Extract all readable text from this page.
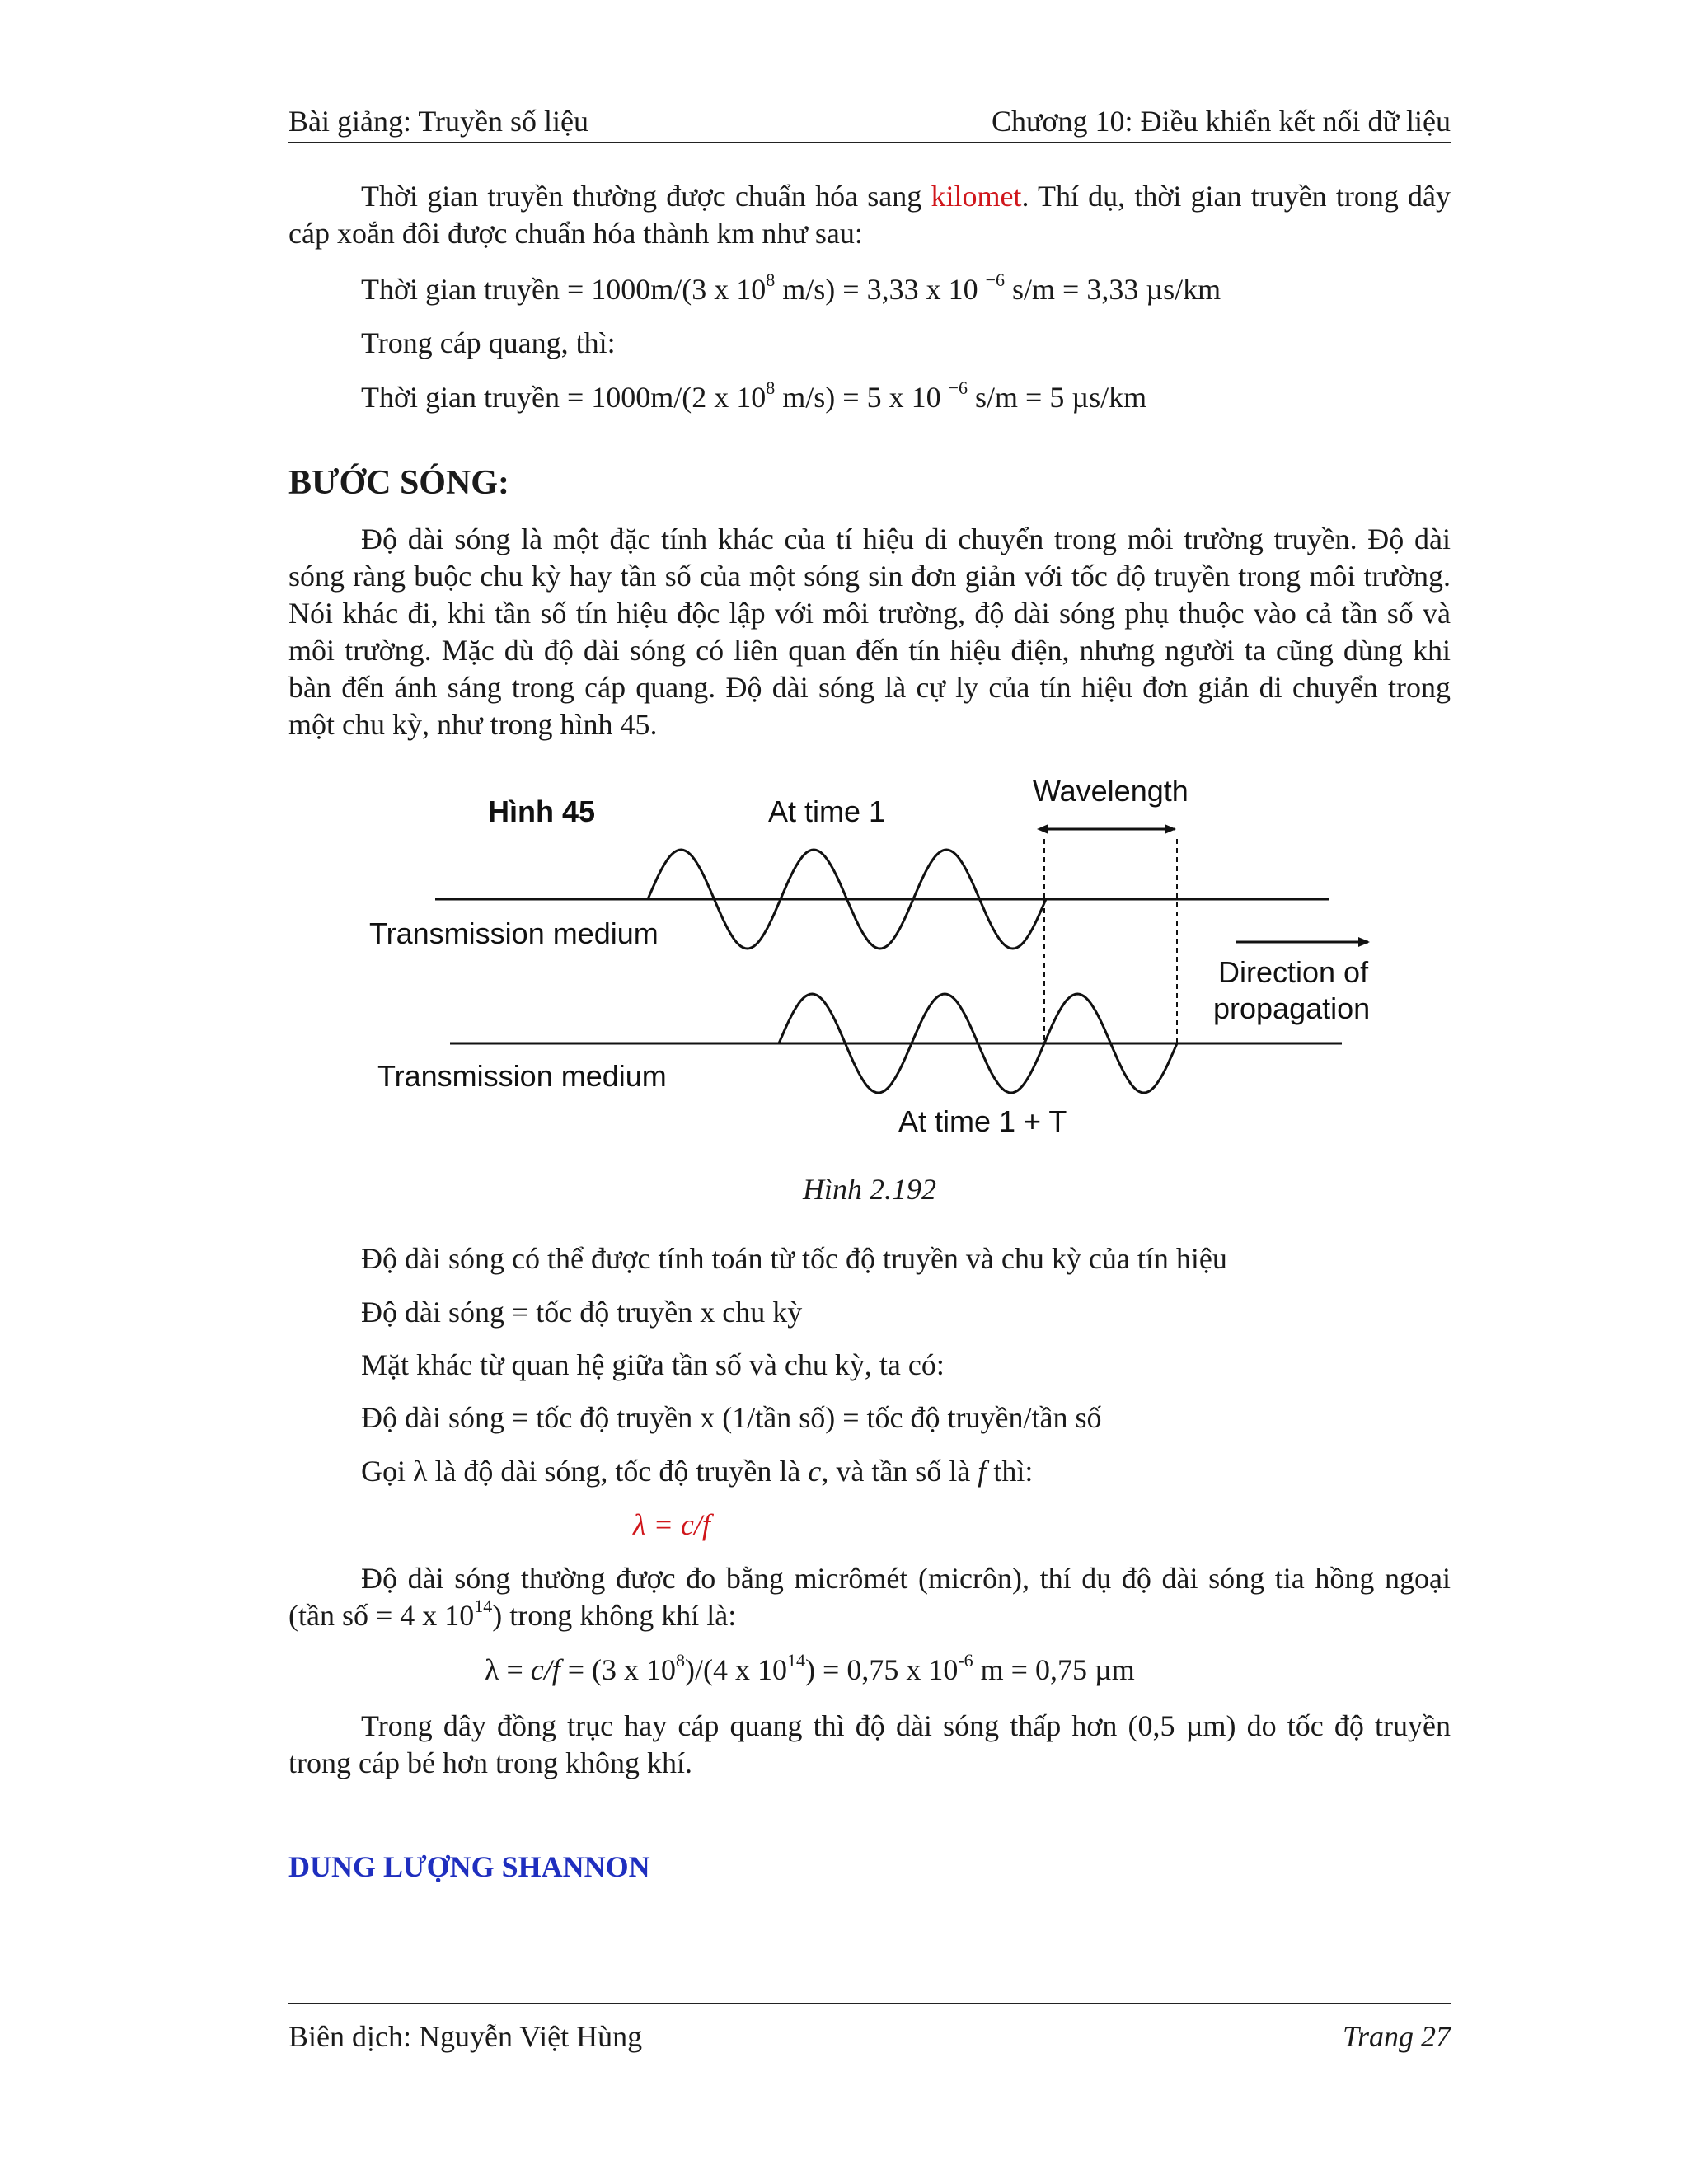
Bài giảng: Truyền số liệu	Chương 10: Điều khiển kết nối dữ liệu
Thời gian truyền thường được chuẩn hóa sang kilomet. Thí dụ, thời gian truyền trong dây cáp xoắn đôi được chuẩn hóa thành km như sau:
Thời gian truyền = 1000m/(3 x $10^8$ m/s) = 3,33 x 10 $^{-6}$ s/m = 3,33 µs/km
Trong cáp quang, thì:
Thời gian truyền = 1000m/(2 x $10^8$ m/s) = 5 x 10 $^{-6}$ s/m = 5 µs/km
BƯỚC SÓNG:
Độ dài sóng là một đặc tính khác của tí hiệu di chuyển trong môi trường truyền. Độ dài sóng ràng buộc chu kỳ hay tần số của một sóng sin đơn giản với tốc độ truyền trong môi trường. Nói khác đi, khi tần số tín hiệu độc lập với môi trường, độ dài sóng phụ thuộc vào cả tần số và môi trường. Mặc dù độ dài sóng có liên quan đến tín hiệu điện, nhưng người ta cũng dùng khi bàn đến ánh sáng trong cáp quang. Độ dài sóng là cự ly của tín hiệu đơn giản di chuyển trong một chu kỳ, như trong hình 45.
Hình 45	At time 1
Wavelength
Transmission medium
Transmission medium
Direction of
propagation
At time 1 + T
Hình 2.192
Độ dài sóng có thể được tính toán từ tốc độ truyền và chu kỳ của tín hiệu
Độ dài sóng = tốc độ truyền x chu kỳ
Mặt khác từ quan hệ giữa tần số và chu kỳ, ta có:
Độ dài sóng = tốc độ truyền x (1/tần số) = tốc độ truyền/tần số
Gọi λ là độ dài sóng, tốc độ truyền là c, và tần số là f thì:
λ = c/f
Độ dài sóng thường được đo bằng micrômét (micrôn), thí dụ độ dài sóng tia hồng ngoại (tần số = 4 x $10^{14}$) trong không khí là:
λ = c/f = (3 x $10^8)/(4$ x $10^{14}) = 0,75$ x $10^{-6}$ m = 0,75 µm
Trong dây đồng trục hay cáp quang thì độ dài sóng thấp hơn (0,5 µm) do tốc độ truyền trong cáp bé hơn trong không khí.
DUNG LƯỢNG SHANNON
Biên dịch: Nguyễn Việt Hùng	Trang 27
